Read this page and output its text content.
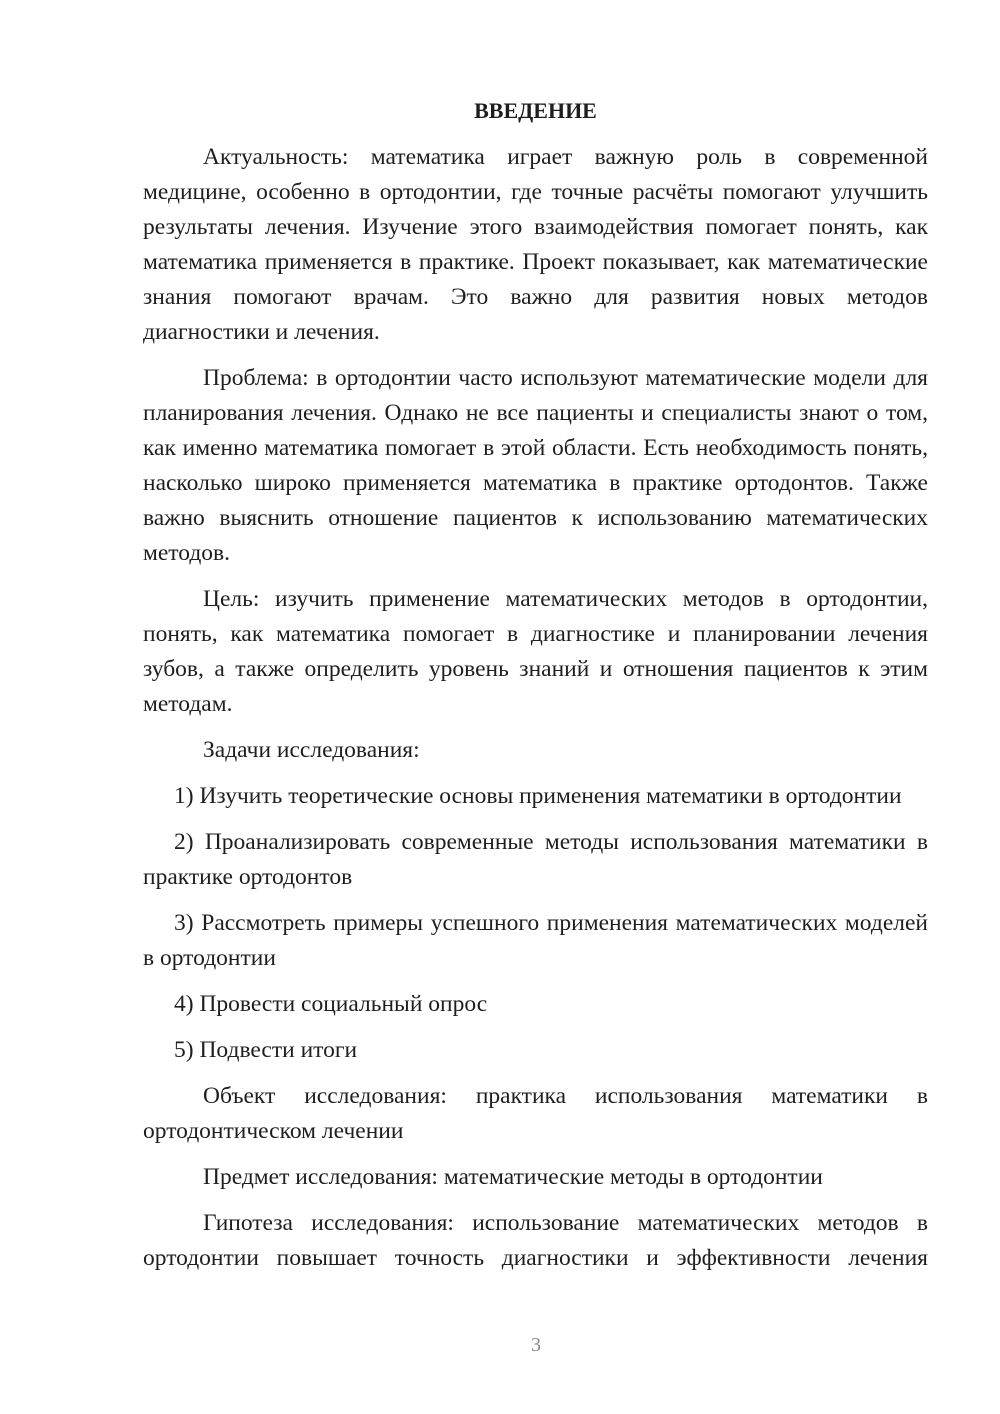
ВВЕДЕНИЕ

Актуальность: математика играет важную роль в современной медицине, особенно в ортодонтии, где точные расчёты помогают улучшить результаты лечения. Изучение этого взаимодействия помогает понять, как математика применяется в практике. Проект показывает, как математические знания помогают врачам. Это важно для развития новых методов диагностики и лечения.

Проблема: в ортодонтии часто используют математические модели для планирования лечения. Однако не все пациенты и специалисты знают о том, как именно математика помогает в этой области. Есть необходимость понять, насколько широко применяется математика в практике ортодонтов. Также важно выяснить отношение пациентов к использованию математических методов.

Цель: изучить применение математических методов в ортодонтии, понять, как математика помогает в диагностике и планировании лечения зубов, а также определить уровень знаний и отношения пациентов к этим методам.

Задачи исследования:

1) Изучить теоретические основы применения математики в ортодонтии

2) Проанализировать современные методы использования математики в практике ортодонтов

3) Рассмотреть примеры успешного применения математических моделей в ортодонтии

4) Провести социальный опрос

5) Подвести итоги

Объект исследования: практика использования математики в ортодонтическом лечении

Предмет исследования: математические методы в ортодонтии

Гипотеза исследования: использование математических методов в ортодонтии повышает точность диагностики и эффективности лечения

3
